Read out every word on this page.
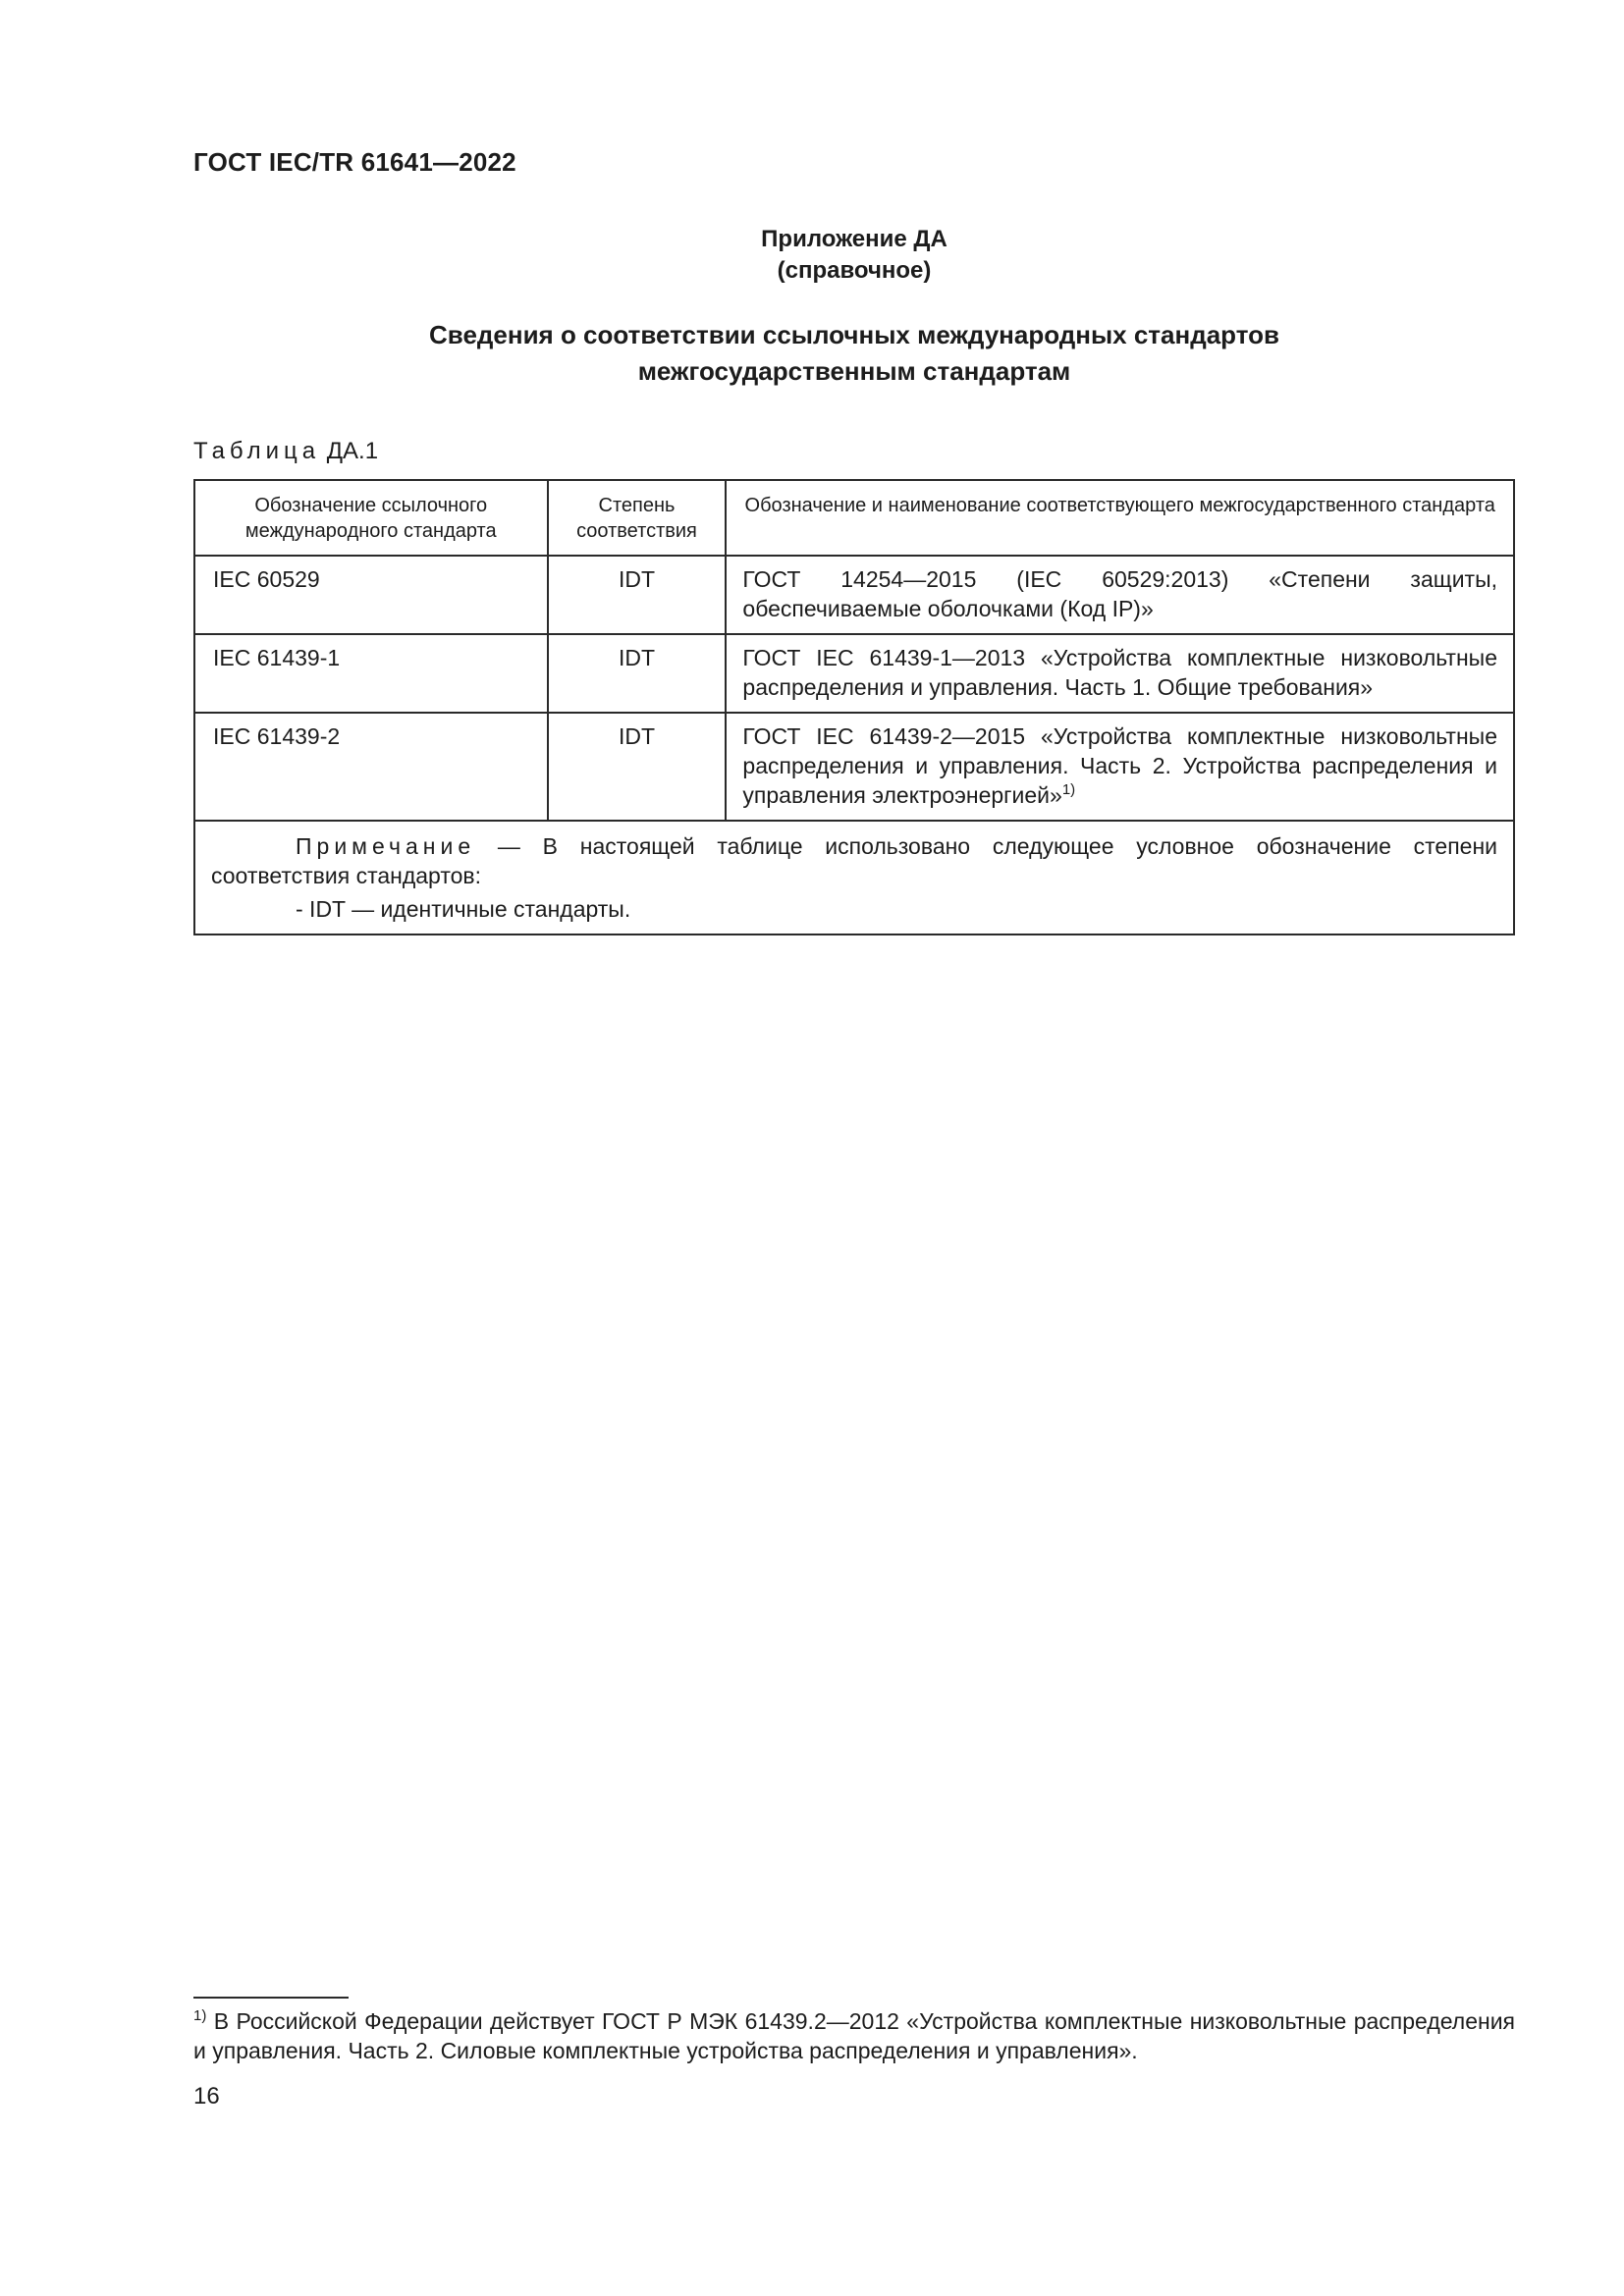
ГОСТ IEC/TR 61641—2022
Приложение ДА
(справочное)
Сведения о соответствии ссылочных международных стандартов
межгосударственным стандартам
Таблица ДА.1
Обозначение ссылочного международного стандарта	Степень соответствия	Обозначение и наименование соответствующего межгосударственного стандарта
IEC 60529	IDT	ГОСТ 14254—2015 (IEC 60529:2013) «Степени защиты, обеспечиваемые оболочками (Код IP)»
IEC 61439-1	IDT	ГОСТ IEC 61439-1—2013 «Устройства комплектные низковольтные распределения и управления. Часть 1. Общие требования»
IEC 61439-2	IDT	ГОСТ IEC 61439-2—2015 «Устройства комплектные низковольтные распределения и управления. Часть 2. Устройства распределения и управления электроэнергией»$^{1)}$

Примечание — В настоящей таблице использовано следующее условное обозначение степени соответствия стандартов:
- IDT — идентичные стандарты.		
$^{1)}$ В Российской Федерации действует ГОСТ Р МЭК 61439.2—2012 «Устройства комплектные низковольтные распределения и управления. Часть 2. Силовые комплектные устройства распределения и управления».
16
